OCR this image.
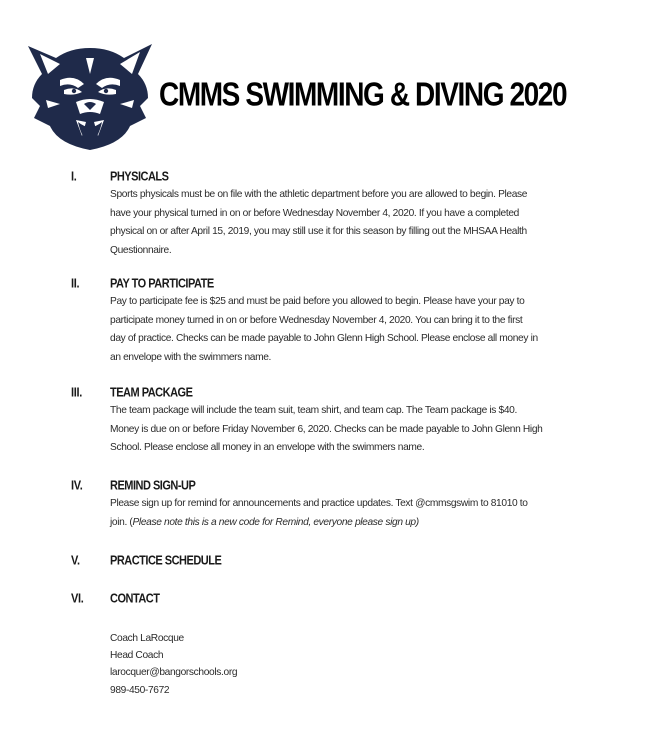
CMMS SWIMMING & DIVING 2020
I.	PHYSICALS

Sports physicals must be on file with the athletic department before you are allowed to begin. Please
have your physical turned in on or before Wednesday November 4, 2020. If you have a completed
physical on or after April 15, 2019, you may still use it for this season by filling out the MHSAA Health
Questionnaire.

II.	PAY TO PARTICIPATE

Pay to participate fee is $25 and must be paid before you allowed to begin. Please have your pay to
participate money turned in on or before Wednesday November 4, 2020. You can bring it to the first
day of practice. Checks can be made payable to John Glenn High School. Please enclose all money in
an envelope with the swimmers name.

III.	TEAM PACKAGE

The team package will include the team suit, team shirt, and team cap. The Team package is $40.
Money is due on or before Friday November 6, 2020. Checks can be made payable to John Glenn High
School. Please enclose all money in an envelope with the swimmers name.

IV. REMIND SIGN-UP

Please sign up for remind for announcements and practice updates. Text @cmmsgswim to 81010 to
join. (Please note this is a new code for Remind, everyone please sign up)

V.	PRACTICE SCHEDULE
VI. CONTACT
Coach LaRocque
Head Coach
larocquer@bangorschools.org
989-450-7672
